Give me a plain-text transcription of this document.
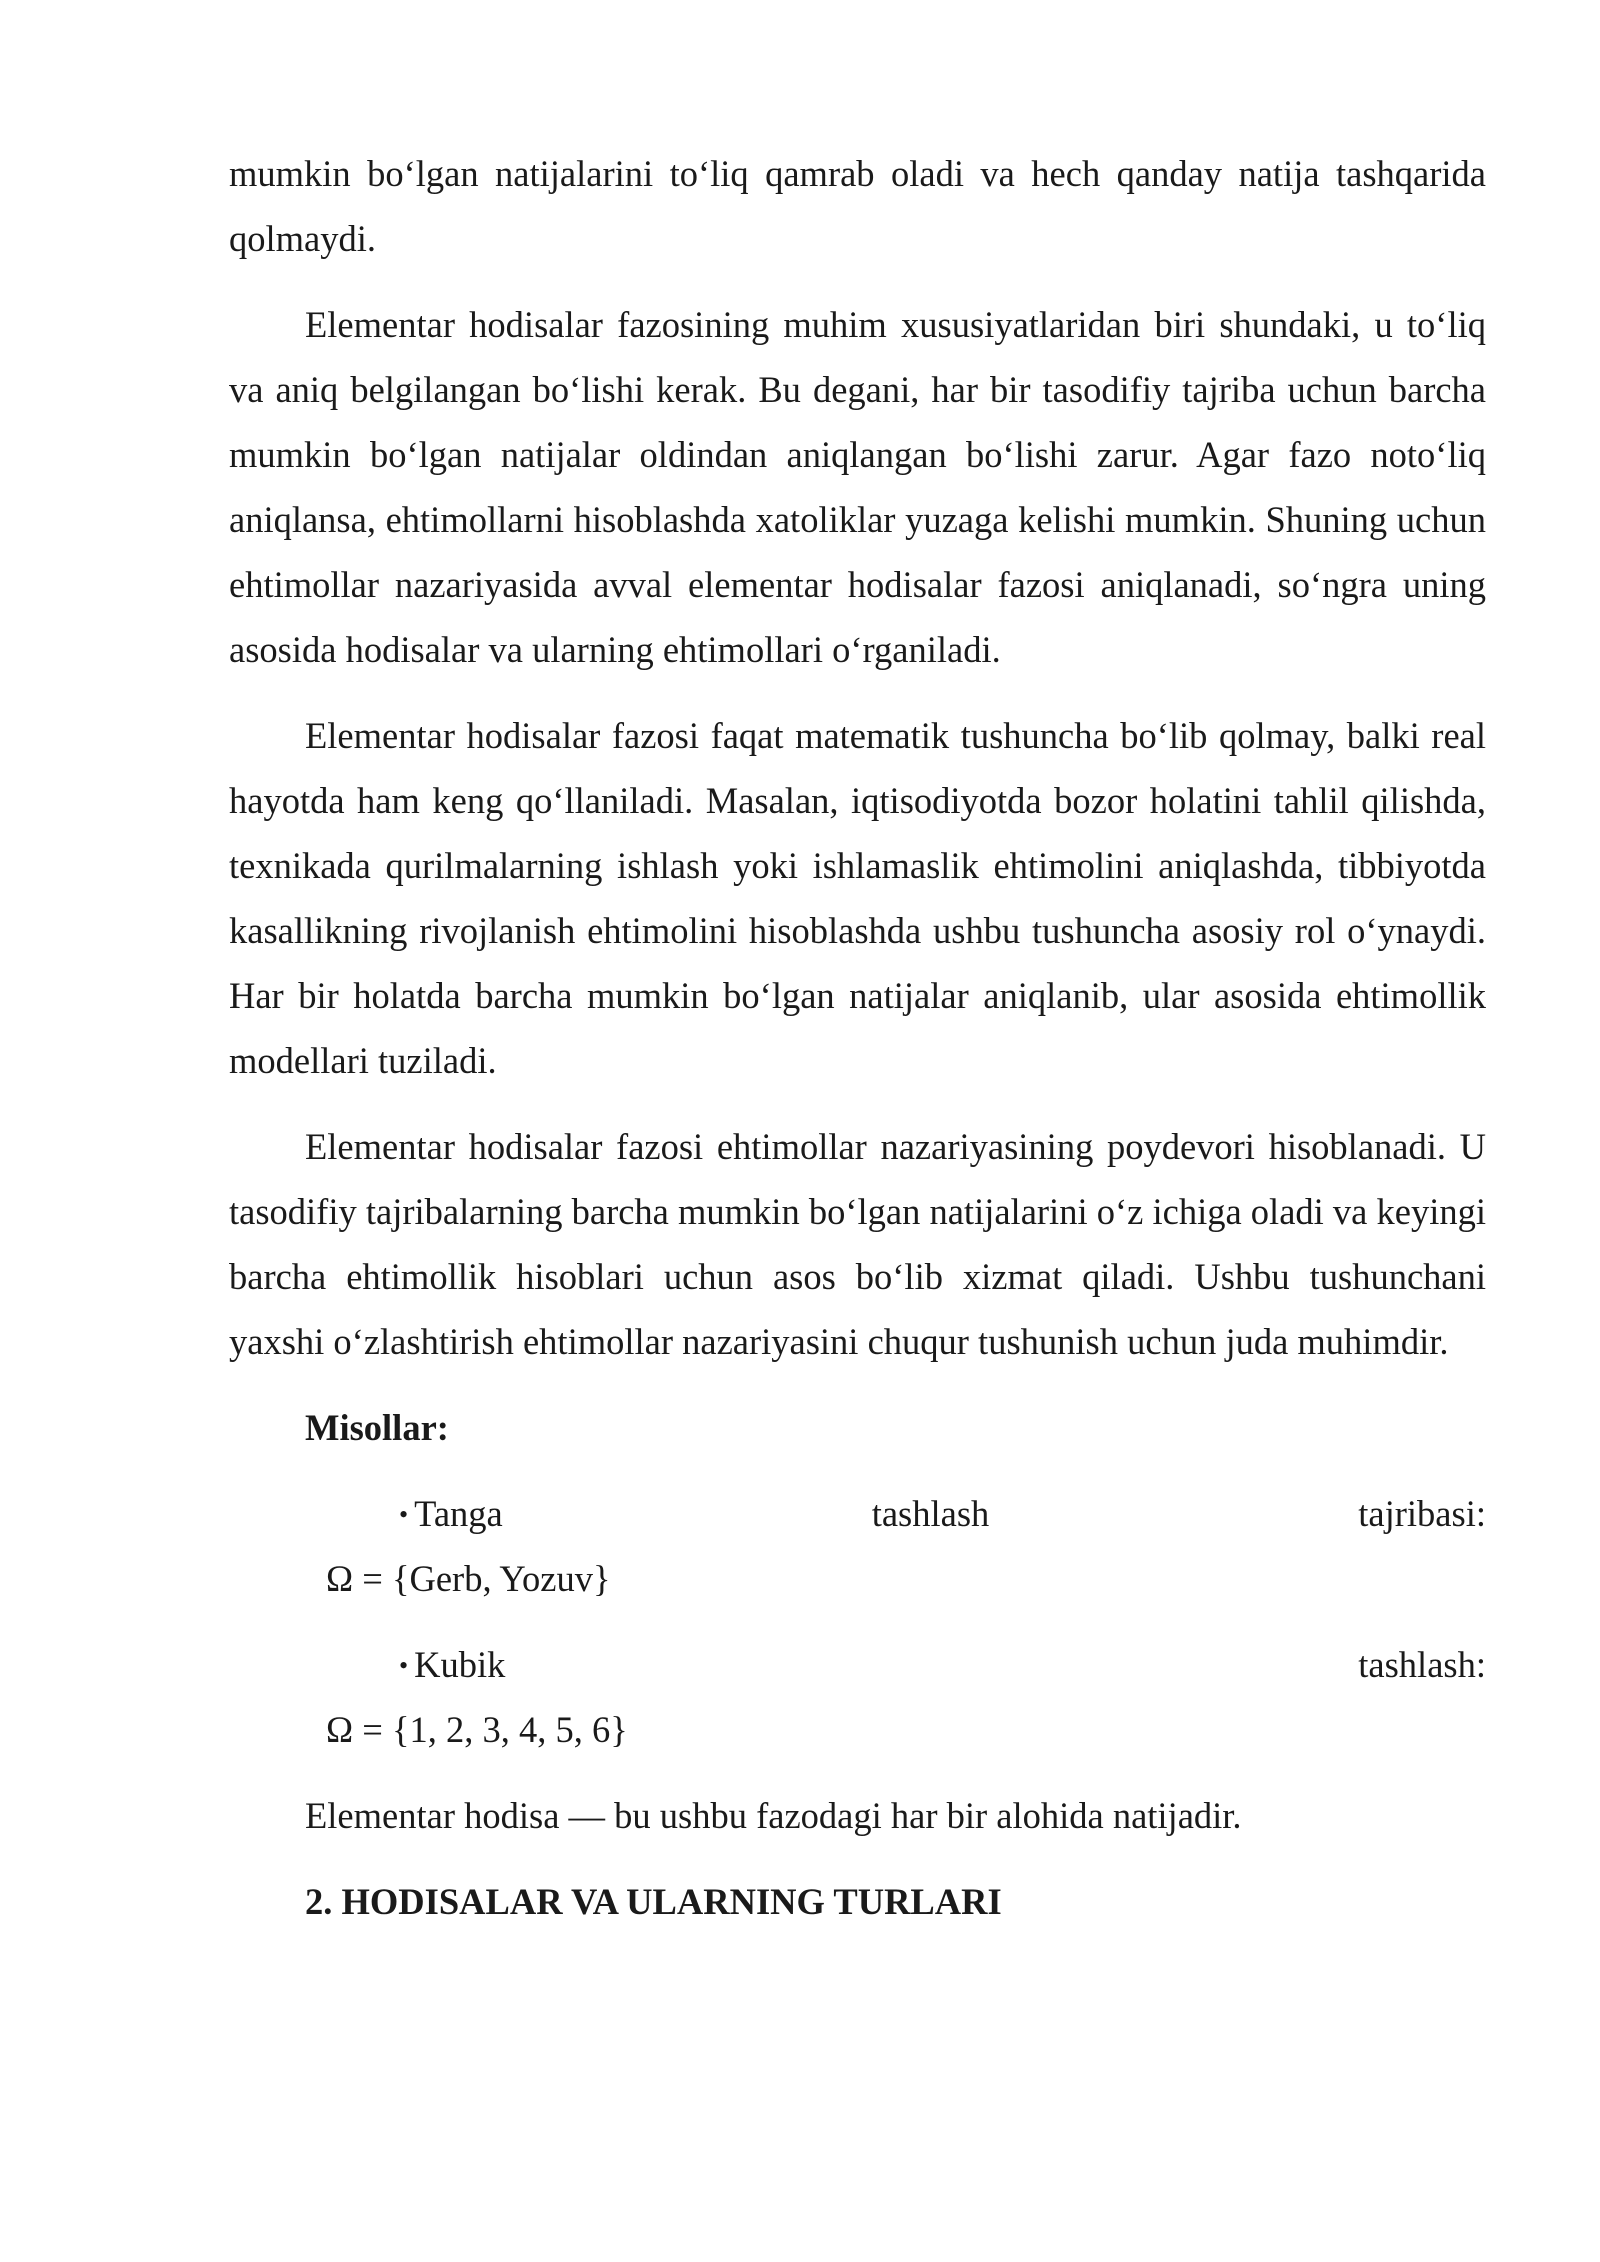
mumkin boʻlgan natijalarini toʻliq qamrab oladi va hech qanday natija tashqarida qolmaydi.

Elementar hodisalar fazosining muhim xususiyatlaridan biri shundaki, u toʻliq va aniq belgilangan boʻlishi kerak. Bu degani, har bir tasodifiy tajriba uchun barcha mumkin boʻlgan natijalar oldindan aniqlangan boʻlishi zarur. Agar fazo notoʻliq aniqlansa, ehtimollarni hisoblashda xatoliklar yuzaga kelishi mumkin. Shuning uchun ehtimollar nazariyasida avval elementar hodisalar fazosi aniqlanadi, soʻngra uning asosida hodisalar va ularning ehtimollari oʻrganiladi.

Elementar hodisalar fazosi faqat matematik tushuncha boʻlib qolmay, balki real hayotda ham keng qoʻllaniladi. Masalan, iqtisodiyotda bozor holatini tahlil qilishda, texnikada qurilmalarning ishlash yoki ishlamaslik ehtimolini aniqlashda, tibbiyotda kasallikning rivojlanish ehtimolini hisoblashda ushbu tushuncha asosiy rol oʻynaydi. Har bir holatda barcha mumkin boʻlgan natijalar aniqlanib, ular asosida ehtimollik modellari tuziladi.

Elementar hodisalar fazosi ehtimollar nazariyasining poydevori hisoblanadi. U tasodifiy tajribalarning barcha mumkin boʻlgan natijalarini oʻz ichiga oladi va keyingi barcha ehtimollik hisoblari uchun asos boʻlib xizmat qiladi. Ushbu tushunchani yaxshi oʻzlashtirish ehtimollar nazariyasini chuqur tushunish uchun juda muhimdir.

Misollar:

• Tanga	tashlash	tajribasi:

Ω = {Gerb, Yozuv}

• Kubik	tashlash:

Ω = {1, 2, 3, 4, 5, 6}

Elementar hodisa — bu ushbu fazodagi har bir alohida natijadir.

2. HODISALAR VA ULARNING TURLARI
